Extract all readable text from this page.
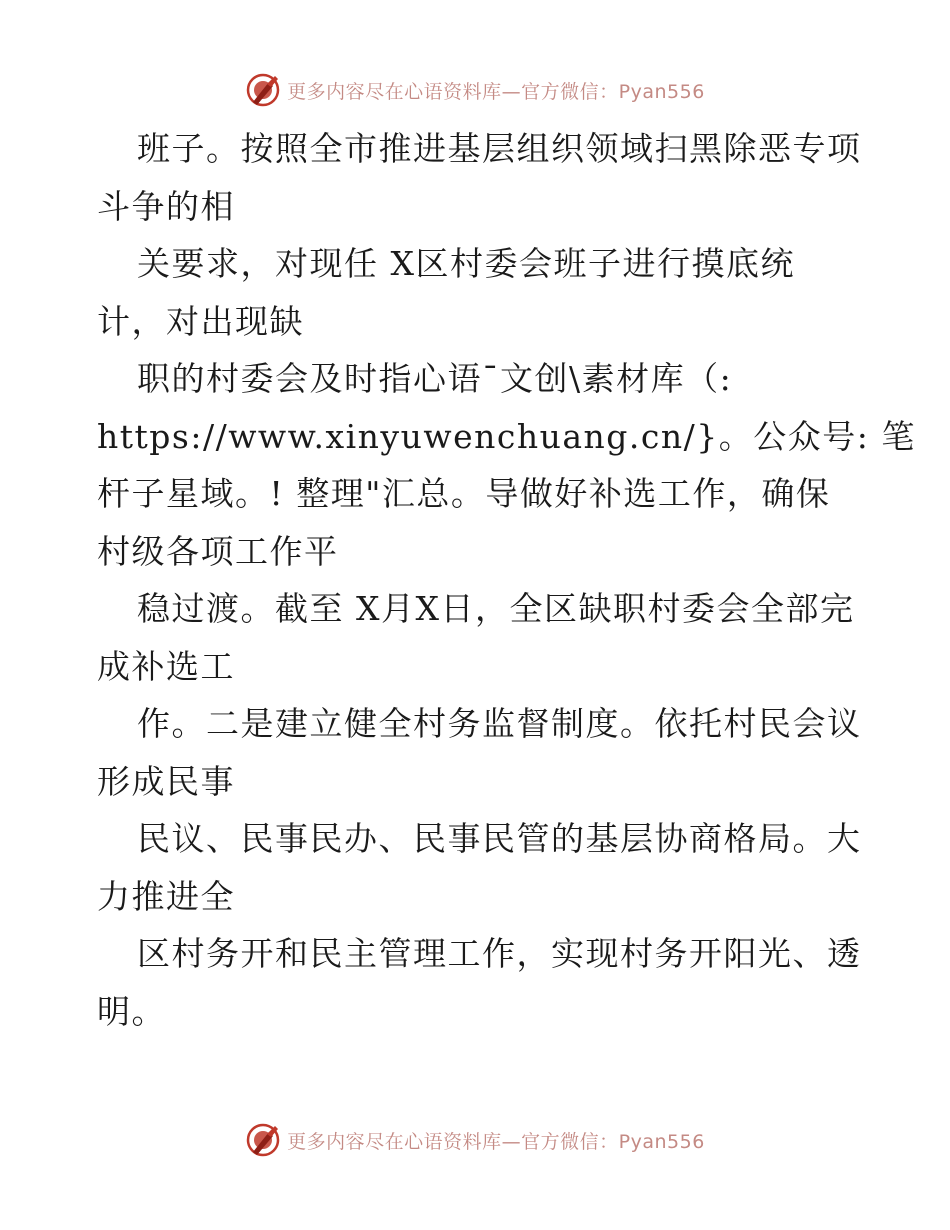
更多内容尽在心语资料库—官方微信：Pyan556
班子。按照全市推进基层组织领域扫黑除恶专项
斗争的相
关要求，对现任 X区村委会班子进行摸底统
计，对出现缺
职的村委会及时指心语¯文创\素材库（:
https://www.xinyuwenchuang.cn/}。公众号: 笔
杆子星域。! 整理"汇总。导做好补选工作，确保
村级各项工作平
稳过渡。截至 X月X日，全区缺职村委会全部完
成补选工
作。二是建立健全村务监督制度。依托村民会议
形成民事
民议、民事民办、民事民管的基层协商格局。大
力推进全
区村务开和民主管理工作，实现村务开阳光、透
明。
更多内容尽在心语资料库—官方微信：Pyan556
